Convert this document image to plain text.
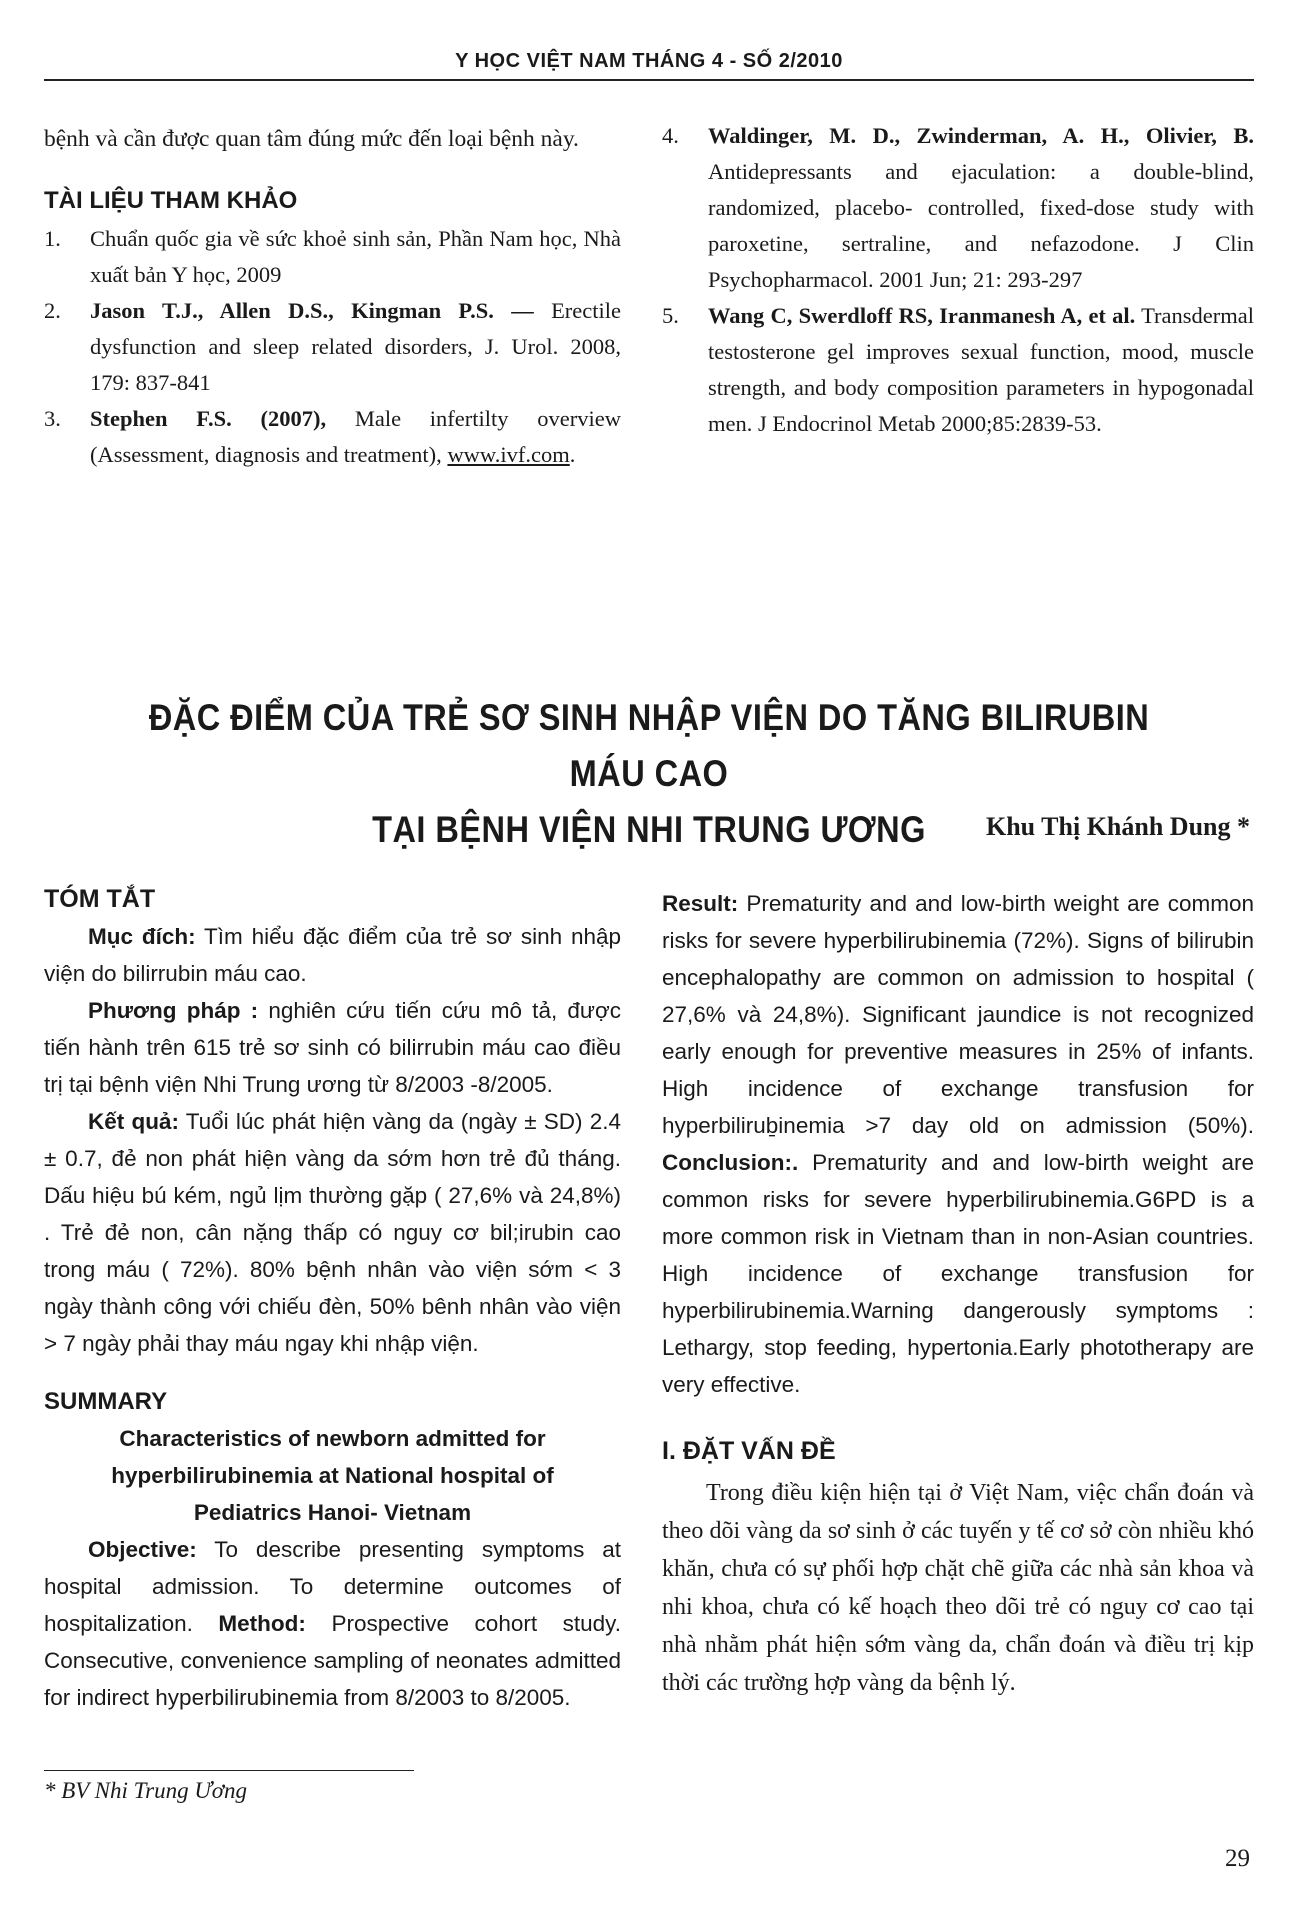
Y HỌC VIỆT NAM THÁNG 4 - SỐ 2/2010

bệnh và cần được quan tâm đúng mức đến loại bệnh này.

TÀI LIỆU THAM KHẢO

1.	Chuẩn quốc gia về sức khoẻ sinh sản, Phần Nam học, Nhà xuất bản Y học, 2009
2.	Jason T.J., Allen D.S., Kingman P.S. — Erectile dysfunction and sleep related disorders, J. Urol. 2008, 179: 837-841
3.	Stephen F.S. (2007), Male infertilty overview (Assessment, diagnosis and treatment), www.ivf.com.
4.	Waldinger, M. D., Zwinderman, A. H., Olivier, B. Antidepressants and ejaculation: a double-blind, randomized, placebo- controlled, fixed-dose study with paroxetine, sertraline, and nefazodone. J Clin Psychopharmacol. 2001 Jun; 21: 293-297
5.	Wang C, Swerdloff RS, Iranmanesh A, et al. Transdermal testosterone gel improves sexual function, mood, muscle strength, and body composition parameters in hypogonadal men. J Endocrinol Metab 2000;85:2839-53.
ĐẶC ĐIỂM CỦA TRẺ SƠ SINH NHẬP VIỆN DO TĂNG BILIRUBIN MÁU CAO
TẠI BỆNH VIỆN NHI TRUNG ƯƠNG	Khu Thị Khánh Dung *

TÓM TẮT

Mục đích: Tìm hiểu đặc điểm của trẻ sơ sinh nhập viện do bilirrubin máu cao.

Phương pháp : nghiên cứu tiến cứu mô tả, được tiến hành trên 615 trẻ sơ sinh có bilirrubin máu cao điều trị tại bệnh viện Nhi Trung ương từ 8/2003 -8/2005.

Kết quả: Tuổi lúc phát hiện vàng da (ngày ± SD) 2.4 ± 0.7, đẻ non phát hiện vàng da sớm hơn trẻ đủ tháng. Dấu hiệu bú kém, ngủ lịm thường gặp ( 27,6% và 24,8%) . Trẻ đẻ non, cân nặng thấp có nguy cơ bil;irubin cao trong máu ( 72%). 80% bệnh nhân vào viện sớm < 3 ngày thành công với chiếu đèn, 50% bênh nhân vào viện > 7 ngày phải thay máu ngay khi nhập viện.

SUMMARY

Characteristics of newborn admitted for hyperbilirubinemia at National hospital of Pediatrics Hanoi- Vietnam

Objective: To describe presenting symptoms at hospital admission. To determine outcomes of hospitalization. Method: Prospective cohort study. Consecutive, convenience sampling of neonates admitted for indirect hyperbilirubinemia from 8/2003 to 8/2005.

Result: Prematurity and and low-birth weight are common risks for severe hyperbilirubinemia (72%). Signs of bilirubin encephalopathy are common on admission to hospital ( 27,6% và 24,8%). Significant jaundice is not recognized early enough for preventive measures in 25% of infants. High incidence of exchange transfusion for hyperbiliruḇinemia >7 day old on admission (50%). Conclusion:. Prematurity and and low-birth weight are common risks for severe hyperbilirubinemia.G6PD is a more common risk in Vietnam than in non-Asian countries. High incidence of exchange transfusion for hyperbilirubinemia.Warning dangerously symptoms : Lethargy, stop feeding, hypertonia.Early phototherapy are very effective.

I. ĐẶT VẤN ĐỀ

Trong điều kiện hiện tại ở Việt Nam, việc chẩn đoán và theo dõi vàng da sơ sinh ở các tuyến y tế cơ sở còn nhiều khó khăn, chưa có sự phối hợp chặt chẽ giữa các nhà sản khoa và nhi khoa, chưa có kế hoạch theo dõi trẻ có nguy cơ cao tại nhà nhằm phát hiện sớm vàng da, chẩn đoán và điều trị kịp thời các trường hợp vàng da bệnh lý.

* BV Nhi Trung Ương
29
